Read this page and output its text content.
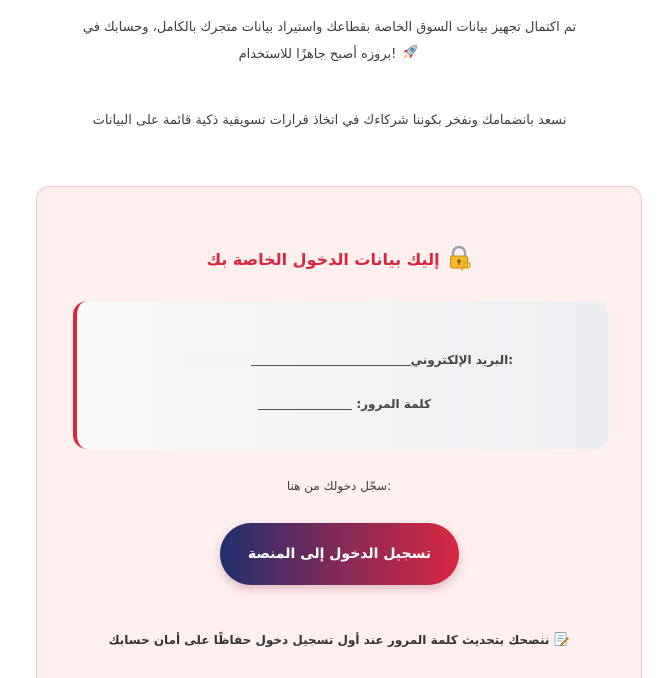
تم اكتمال تجهيز بيانات السوق الخاصة بقطاعك واستيراد بيانات متجرك بالكامل، وحسابك في

!بروزه أصبح جاهزًا للاستخدام

نسعد بانضمامك ونفخر بكوننا شركاءك في اتخاذ قرارات تسويقية ذكية قائمة على البيانات
إليك بيانات الدخول الخاصة بك
:البريد الإلكتروني
كلمة المرور:
:سجّل دخولك من هنا
تسجيل الدخول إلى المنصة
ننصحك بتحديث كلمة المرور عند أول تسجيل دخول حفاظًا على أمان حسابك
